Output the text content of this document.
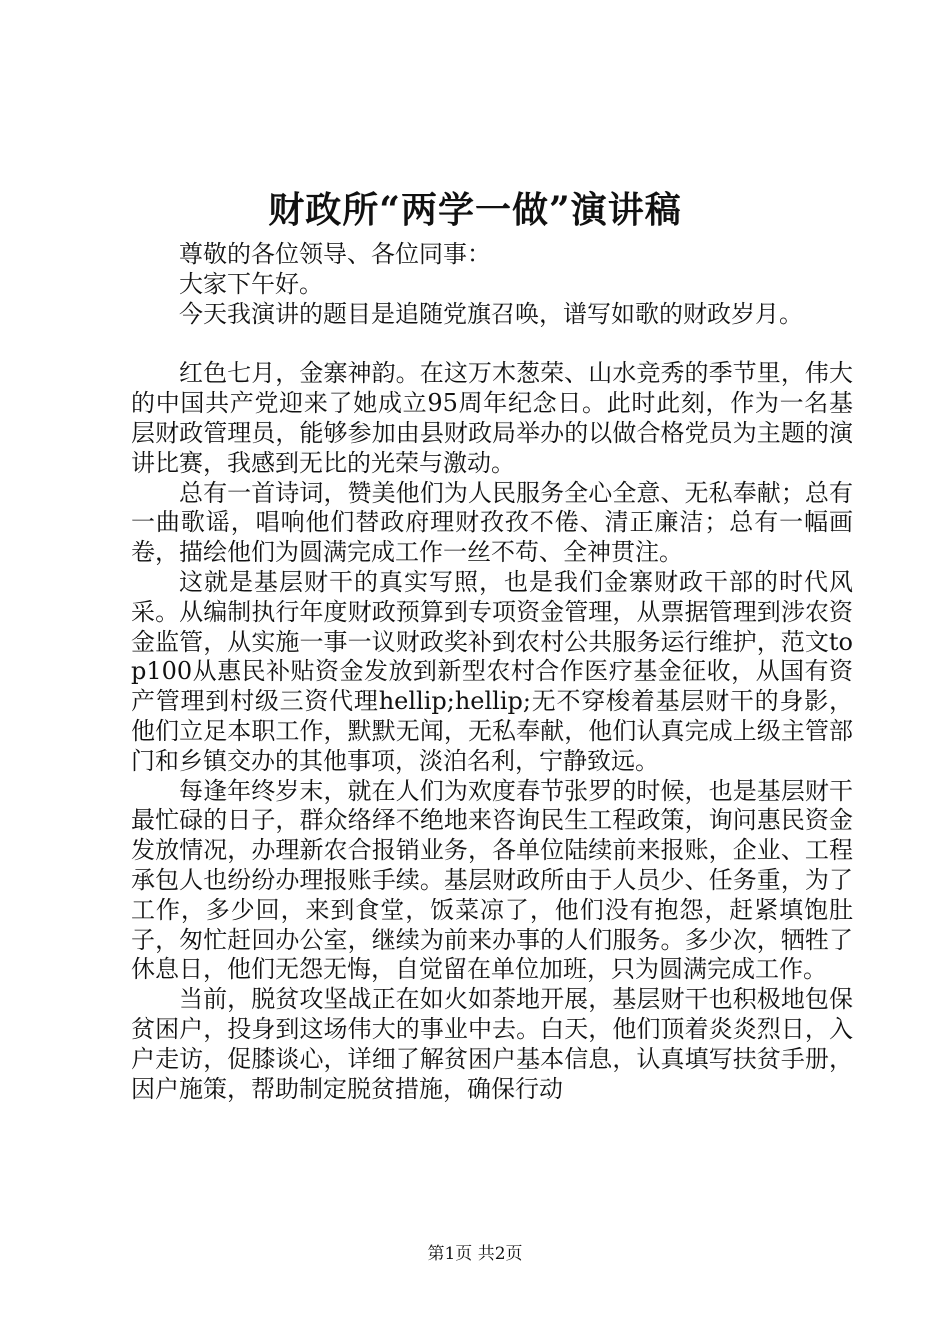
财政所“两学一做”演讲稿

尊敬的各位领导、各位同事：

大家下午好。

今天我演讲的题目是追随党旗召唤，谱写如歌的财政岁月。

红色七月，金寨神韵。在这万木葱荣、山水竞秀的季节里，伟大的中国共产党迎来了她成立95周年纪念日。此时此刻，作为一名基层财政管理员，能够参加由县财政局举办的以做合格党员为主题的演讲比赛，我感到无比的光荣与激动。

总有一首诗词，赞美他们为人民服务全心全意、无私奉献；总有一曲歌谣，唱响他们替政府理财孜孜不倦、清正廉洁；总有一幅画卷，描绘他们为圆满完成工作一丝不苟、全神贯注。

这就是基层财干的真实写照，也是我们金寨财政干部的时代风采。从编制执行年度财政预算到专项资金管理，从票据管理到涉农资金监管，从实施一事一议财政奖补到农村公共服务运行维护，范文top100从惠民补贴资金发放到新型农村合作医疗基金征收，从国有资产管理到村级三资代理hellip;hellip;无不穿梭着基层财干的身影，他们立足本职工作，默默无闻，无私奉献，他们认真完成上级主管部门和乡镇交办的其他事项，淡泊名利，宁静致远。

每逢年终岁末，就在人们为欢度春节张罗的时候，也是基层财干最忙碌的日子，群众络绎不绝地来咨询民生工程政策，询问惠民资金发放情况，办理新农合报销业务，各单位陆续前来报账，企业、工程承包人也纷纷办理报账手续。基层财政所由于人员少、任务重，为了工作，多少回，来到食堂，饭菜凉了，他们没有抱怨，赶紧填饱肚子，匆忙赶回办公室，继续为前来办事的人们服务。多少次，牺牲了休息日，他们无怨无悔，自觉留在单位加班，只为圆满完成工作。

当前，脱贫攻坚战正在如火如荼地开展，基层财干也积极地包保贫困户，投身到这场伟大的事业中去。白天，他们顶着炎炎烈日，入户走访，促膝谈心，详细了解贫困户基本信息，认真填写扶贫手册，因户施策，帮助制定脱贫措施，确保行动

第1页 共2页
